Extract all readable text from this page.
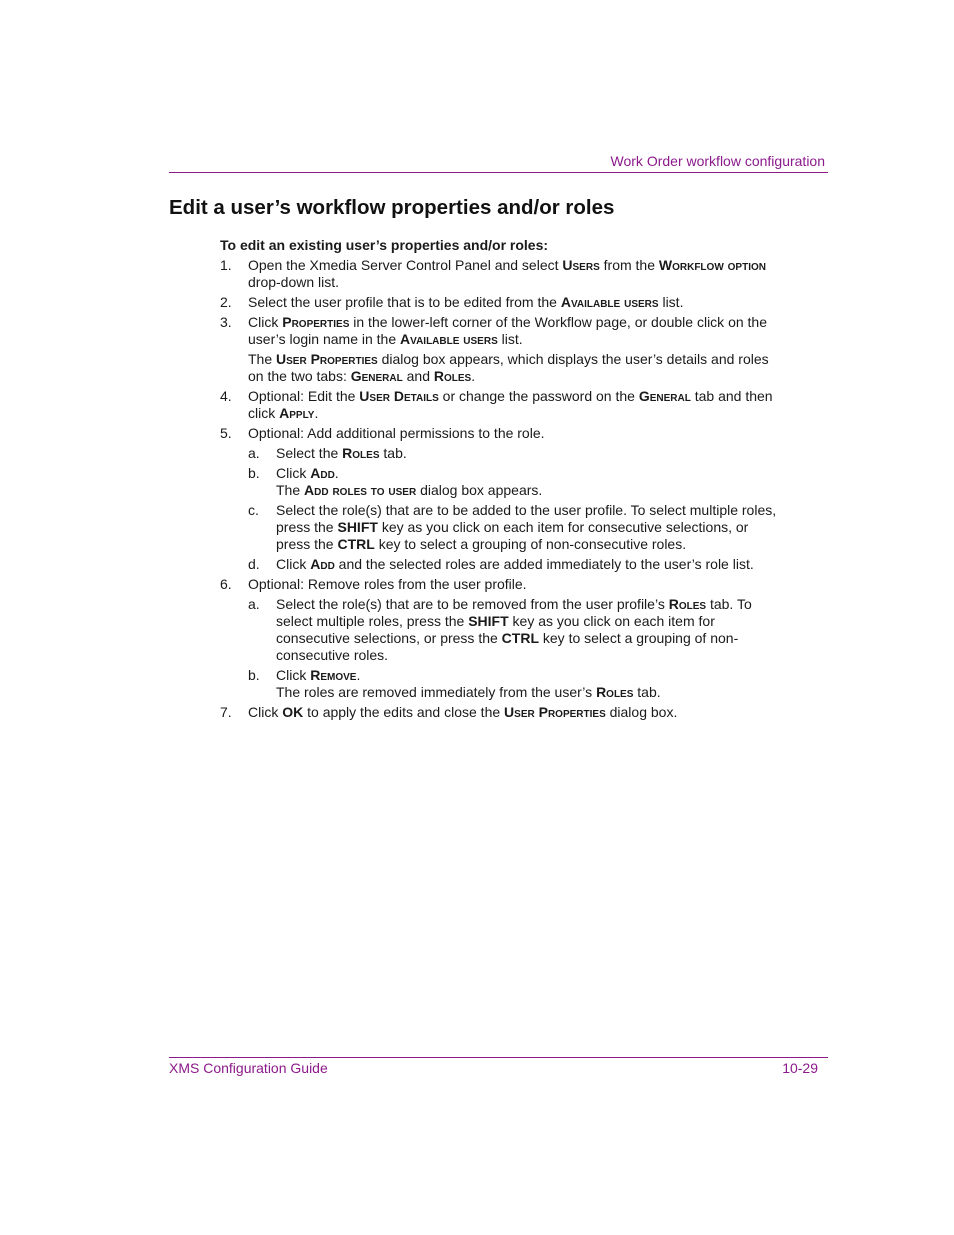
Work Order workflow configuration
Edit a user’s workflow properties and/or roles

To edit an existing user’s properties and/or roles:

1.	Open the Xmedia Server Control Panel and select Users from the Workflow option drop-down list.
2.	Select the user profile that is to be edited from the Available users list.
3.	Click Properties in the lower-left corner of the Workflow page, or double click on the user’s login name in the Available users list.
The User Properties dialog box appears, which displays the user’s details and roles on the two tabs: General and Roles.
4.	Optional: Edit the User Details or change the password on the General tab and then click Apply.
5.	Optional: Add additional permissions to the role.
a.	Select the Roles tab.
b.	Click Add.
The Add roles to user dialog box appears.
c.	Select the role(s) that are to be added to the user profile. To select multiple roles, press the SHIFT key as you click on each item for consecutive selections, or press the CTRL key to select a grouping of non-consecutive roles.
d.	Click Add and the selected roles are added immediately to the user’s role list.
6.	Optional: Remove roles from the user profile.
a.	Select the role(s) that are to be removed from the user profile’s Roles tab. To select multiple roles, press the SHIFT key as you click on each item for consecutive selections, or press the CTRL key to select a grouping of non-consecutive roles.
b.	Click Remove.
The roles are removed immediately from the user’s Roles tab.
7.	Click OK to apply the edits and close the User Properties dialog box.
XMS Configuration Guide	10-29
